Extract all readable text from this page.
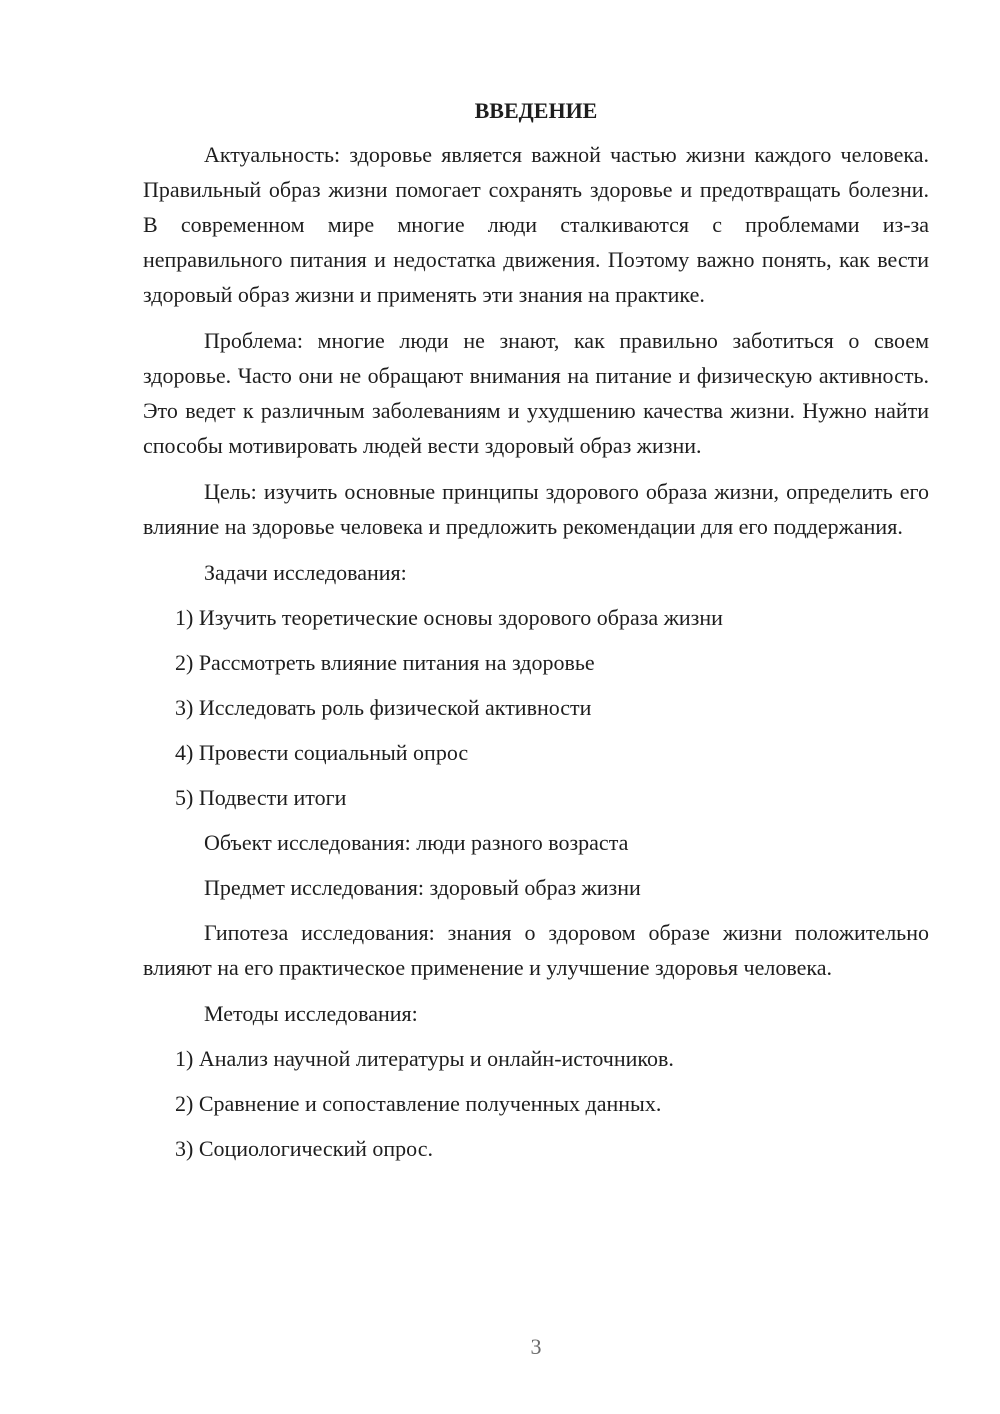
ВВЕДЕНИЕ

Актуальность: здоровье является важной частью жизни каждого человека. Правильный образ жизни помогает сохранять здоровье и предотвращать болезни. В современном мире многие люди сталкиваются с проблемами из-за неправильного питания и недостатка движения. Поэтому важно понять, как вести здоровый образ жизни и применять эти знания на практике.

Проблема: многие люди не знают, как правильно заботиться о своем здоровье. Часто они не обращают внимания на питание и физическую активность. Это ведет к различным заболеваниям и ухудшению качества жизни. Нужно найти способы мотивировать людей вести здоровый образ жизни.

Цель: изучить основные принципы здорового образа жизни, определить его влияние на здоровье человека и предложить рекомендации для его поддержания.

Задачи исследования:
1) Изучить теоретические основы здорового образа жизни
2) Рассмотреть влияние питания на здоровье
3) Исследовать роль физической активности
4) Провести социальный опрос
5) Подвести итоги
Объект исследования: люди разного возраста
Предмет исследования: здоровый образ жизни

Гипотеза исследования: знания о здоровом образе жизни положительно влияют на его практическое применение и улучшение здоровья человека.

Методы исследования:
1) Анализ научной литературы и онлайн-источников.
2) Сравнение и сопоставление полученных данных.
3) Социологический опрос.
3
